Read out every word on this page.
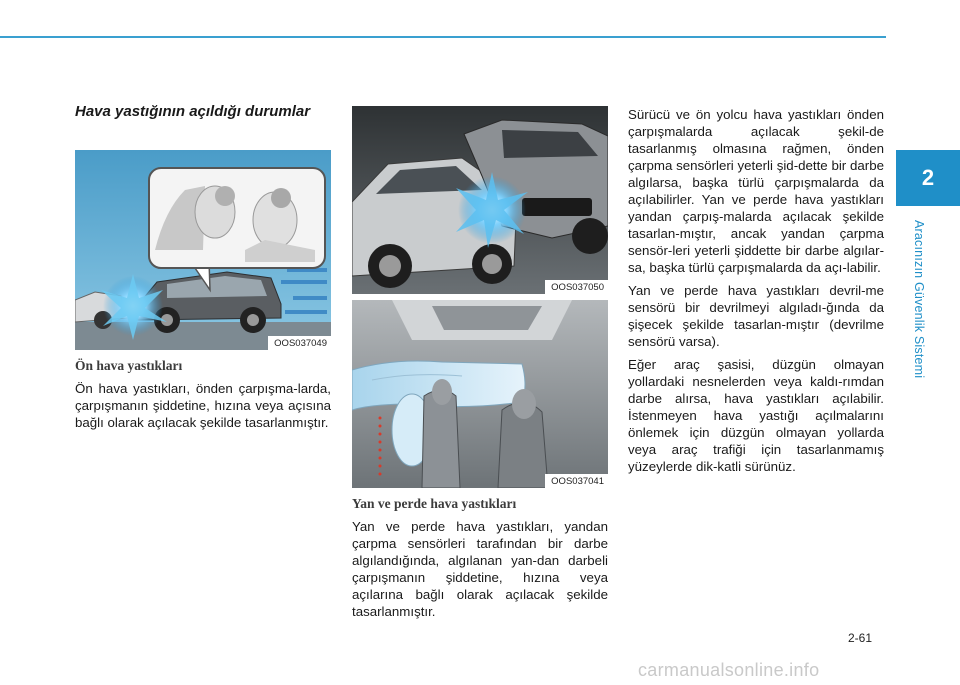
2
Aracınızın Güvenlik Sistemi
Hava yastığının açıldığı durumlar
OOS037049
Ön hava yastıkları

Ön hava yastıkları, önden çarpışma-larda, çarpışmanın şiddetine, hızına veya açısına bağlı olarak açılacak şekilde tasarlanmıştır.

OOS037050
OOS037041
Yan ve perde hava yastıkları

Yan ve perde hava yastıkları, yandan çarpma sensörleri tarafından bir darbe algılandığında, algılanan yan-dan darbeli çarpışmanın şiddetine, hızına veya açılarına bağlı olarak açılacak şekilde tasarlanmıştır.

Sürücü ve ön yolcu hava yastıkları önden çarpışmalarda açılacak şekil-de tasarlanmış olmasına rağmen, önden çarpma sensörleri yeterli şid-dette bir darbe algılarsa, başka türlü çarpışmalarda da açılabilirler. Yan ve perde hava yastıkları yandan çarpış-malarda açılacak şekilde tasarlan-mıştır, ancak yandan çarpma sensör-leri yeterli şiddette bir darbe algılar-sa, başka türlü çarpışmalarda da açı-labilir.

Yan ve perde hava yastıkları devril-me sensörü bir devrilmeyi algıladı-ğında da şişecek şekilde tasarlan-mıştır (devrilme sensörü varsa).

Eğer araç şasisi, düzgün olmayan yollardaki nesnelerden veya kaldı-rımdan darbe alırsa, hava yastıkları açılabilir. İstenmeyen hava yastığı açılmalarını önlemek için düzgün olmayan yollarda veya araç trafiği için tasarlanmamış yüzeylerde dik-katli sürünüz.

2-61
carmanualsonline.info
